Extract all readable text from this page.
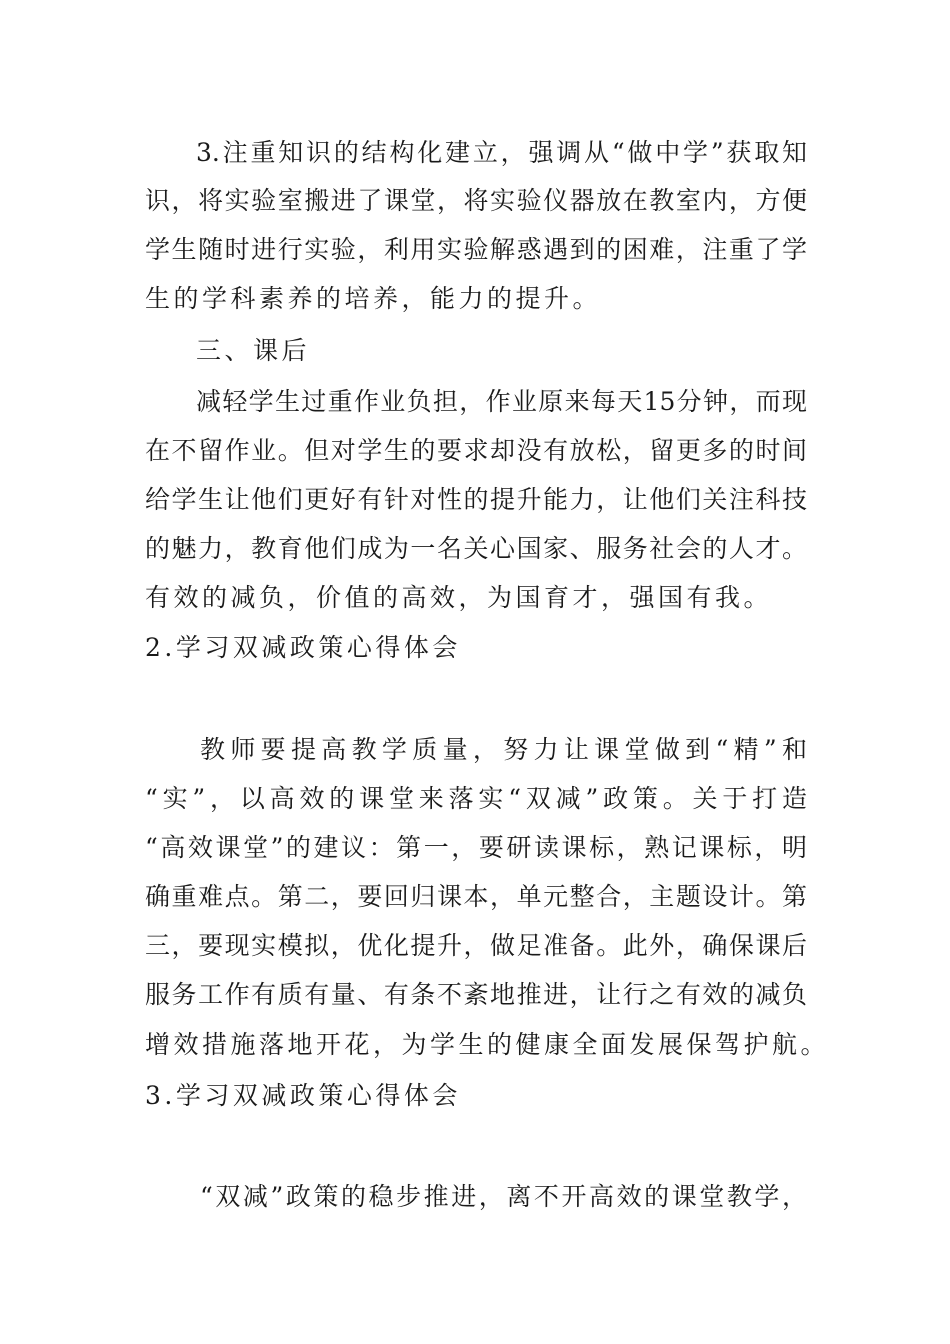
3.注重知识的结构化建立，强调从“做中学”获取知
识，将实验室搬进了课堂，将实验仪器放在教室内，方便
学生随时进行实验，利用实验解惑遇到的困难，注重了学
生的学科素养的培养，能力的提升。
三、课后
减轻学生过重作业负担，作业原来每天15分钟，而现
在不留作业。但对学生的要求却没有放松，留更多的时间
给学生让他们更好有针对性的提升能力，让他们关注科技
的魅力，教育他们成为一名关心国家、服务社会的人才。
有效的减负，价值的高效，为国育才，强国有我。
2.学习双减政策心得体会
教师要提高教学质量，努力让课堂做到“精”和
“实”，以高效的课堂来落实“双减”政策。关于打造
“高效课堂”的建议：第一，要研读课标，熟记课标，明
确重难点。第二，要回归课本，单元整合，主题设计。第
三，要现实模拟，优化提升，做足准备。此外，确保课后
服务工作有质有量、有条不紊地推进，让行之有效的减负
增效措施落地开花，为学生的健康全面发展保驾护航。
3.学习双减政策心得体会
“双减”政策的稳步推进，离不开高效的课堂教学，
